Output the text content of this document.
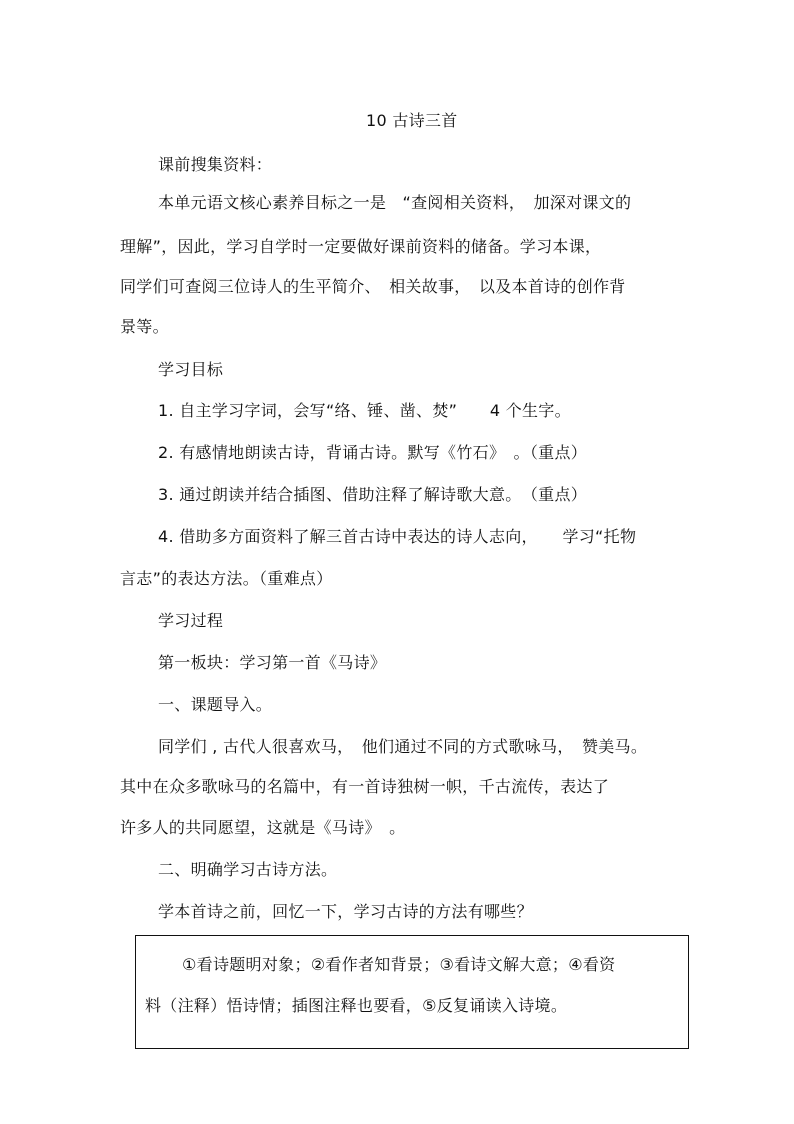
10 古诗三首
课前搜集资料：
本单元语文核心素养目标之一是　“查阅相关资料，　加深对课文的
理解”，因此，学习自学时一定要做好课前资料的储备。学习本课，
同学们可查阅三位诗人的生平简介、　相关故事，　以及本首诗的创作背
景等。
学习目标
1. 自主学习字词，会写“络、锤、凿、焚”　　4 个生字。
2. 有感情地朗读古诗，背诵古诗。默写《竹石》　。（重点）
3. 通过朗读并结合插图、借助注释了解诗歌大意。　（重点）
4. 借助多方面资料了解三首古诗中表达的诗人志向，　　学习“托物
言志”的表达方法。（重难点）
学习过程
第一板块：学习第一首《马诗》
一、课题导入。
同学们 , 古代人很喜欢马，　他们通过不同的方式歌咏马，　赞美马。
其中在众多歌咏马的名篇中，有一首诗独树一帜，千古流传，表达了
许多人的共同愿望，这就是《马诗》　。
二、明确学习古诗方法。
学本首诗之前，回忆一下，学习古诗的方法有哪些？
①看诗题明对象；②看作者知背景；③看诗文解大意；④看资
料（注释）悟诗情；插图注释也要看，⑤反复诵读入诗境。
